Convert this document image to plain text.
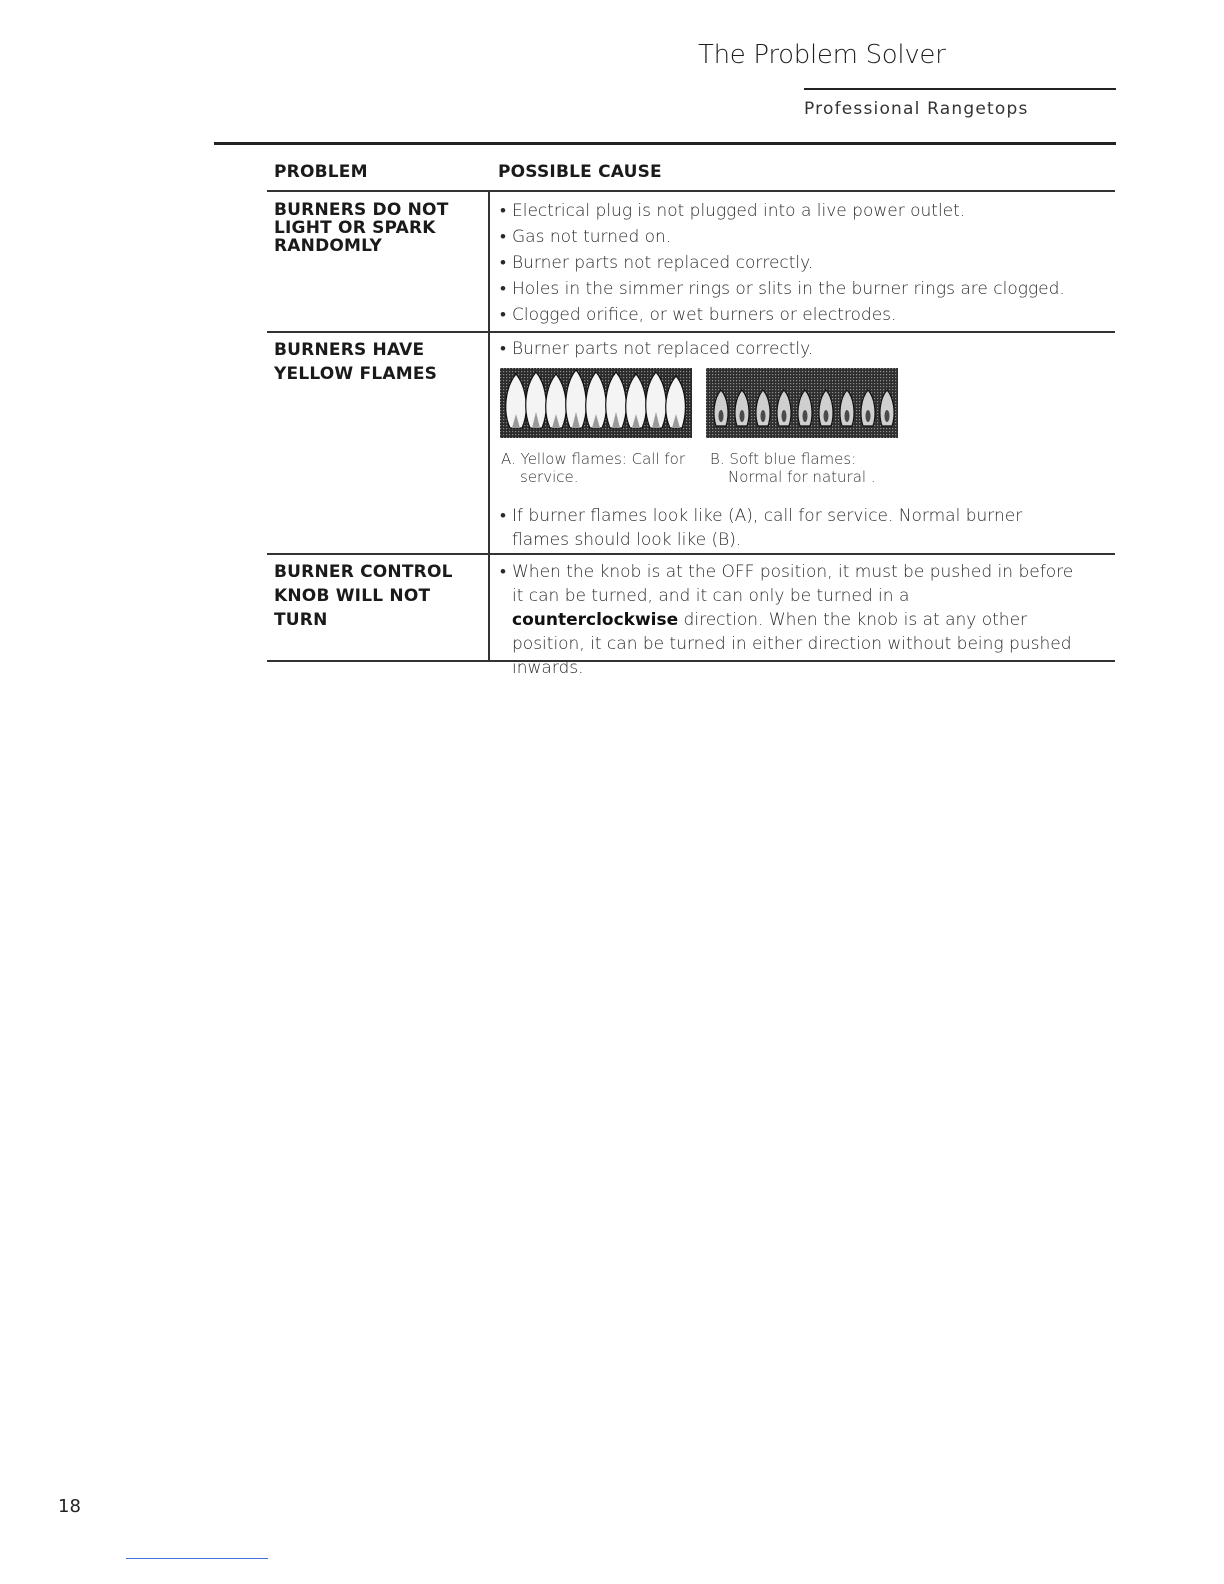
The Problem Solver
Professional Rangetops
PROBLEM	POSSIBLE CAUSE
BURNERS DO NOT
LIGHT OR SPARK
RANDOMLY
• Electrical plug is not plugged into a live power outlet.
• Gas not turned on.
• Burner parts not replaced correctly.
• Holes in the simmer rings or slits in the burner rings are clogged.
• Clogged orifice, or wet burners or electrodes.
BURNERS HAVE
YELLOW FLAMES
• Burner parts not replaced correctly.
A. Yellow flames: Call for
service.
B. Soft blue flames:
Normal for natural .
• If burner flames look like (A), call for service. Normal burner flames should look like (B).
BURNER CONTROL
KNOB WILL NOT
TURN
• When the knob is at the OFF position, it must be pushed in before it can be turned, and it can only be turned in a counterclockwise direction. When the knob is at any other position, it can be turned in either direction without being pushed inwards.
18
